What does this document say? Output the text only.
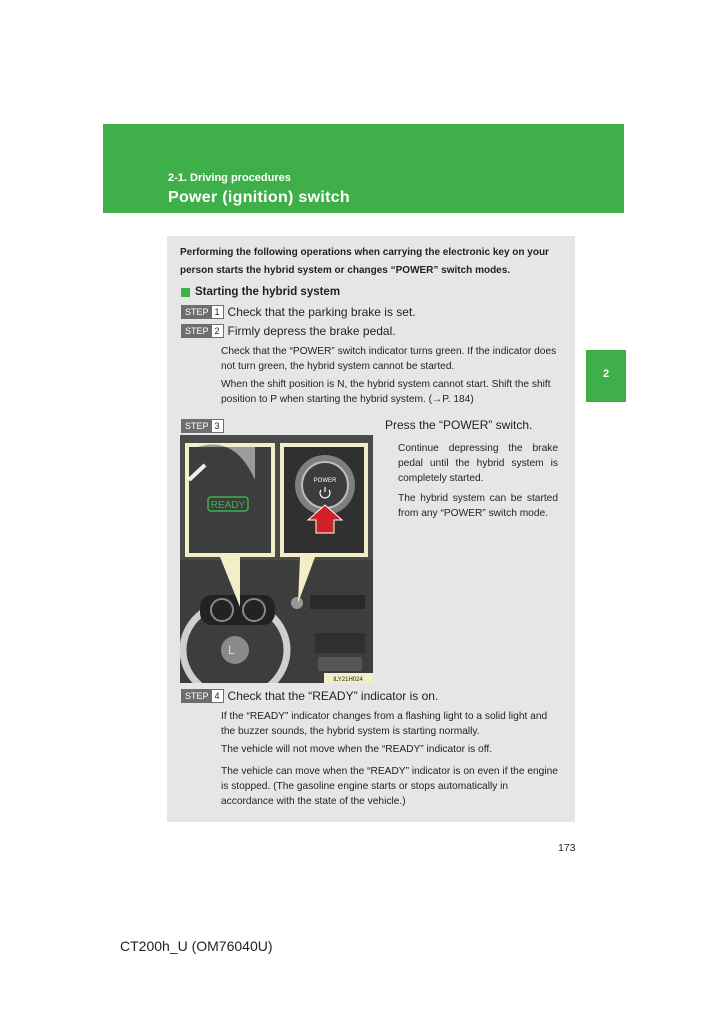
2-1. Driving procedures
Power (ignition) switch
2
Performing the following operations when carrying the electronic key on your person starts the hybrid system or changes “POWER” switch modes.
Starting the hybrid system
STEP 1 Check that the parking brake is set.
STEP 2 Firmly depress the brake pedal.
Check that the “POWER” switch indicator turns green. If the indicator does not turn green, the hybrid system cannot be started.
When the shift position is N, the hybrid system cannot start. Shift the shift position to P when starting the hybrid system. (→P. 184)
STEP 3	Press the “POWER” switch.
Continue depressing the brake pedal until the hybrid system is completely started.
The hybrid system can be started from any “POWER” switch mode.
L
READY
POWER
ILY21H024
STEP 4 Check that the “READY” indicator is on.
If the “READY” indicator changes from a flashing light to a solid light and the buzzer sounds, the hybrid system is starting normally.
The vehicle will not move when the “READY” indicator is off.
The vehicle can move when the “READY” indicator is on even if the engine is stopped. (The gasoline engine starts or stops automatically in accordance with the state of the vehicle.)
173
CT200h_U (OM76040U)
